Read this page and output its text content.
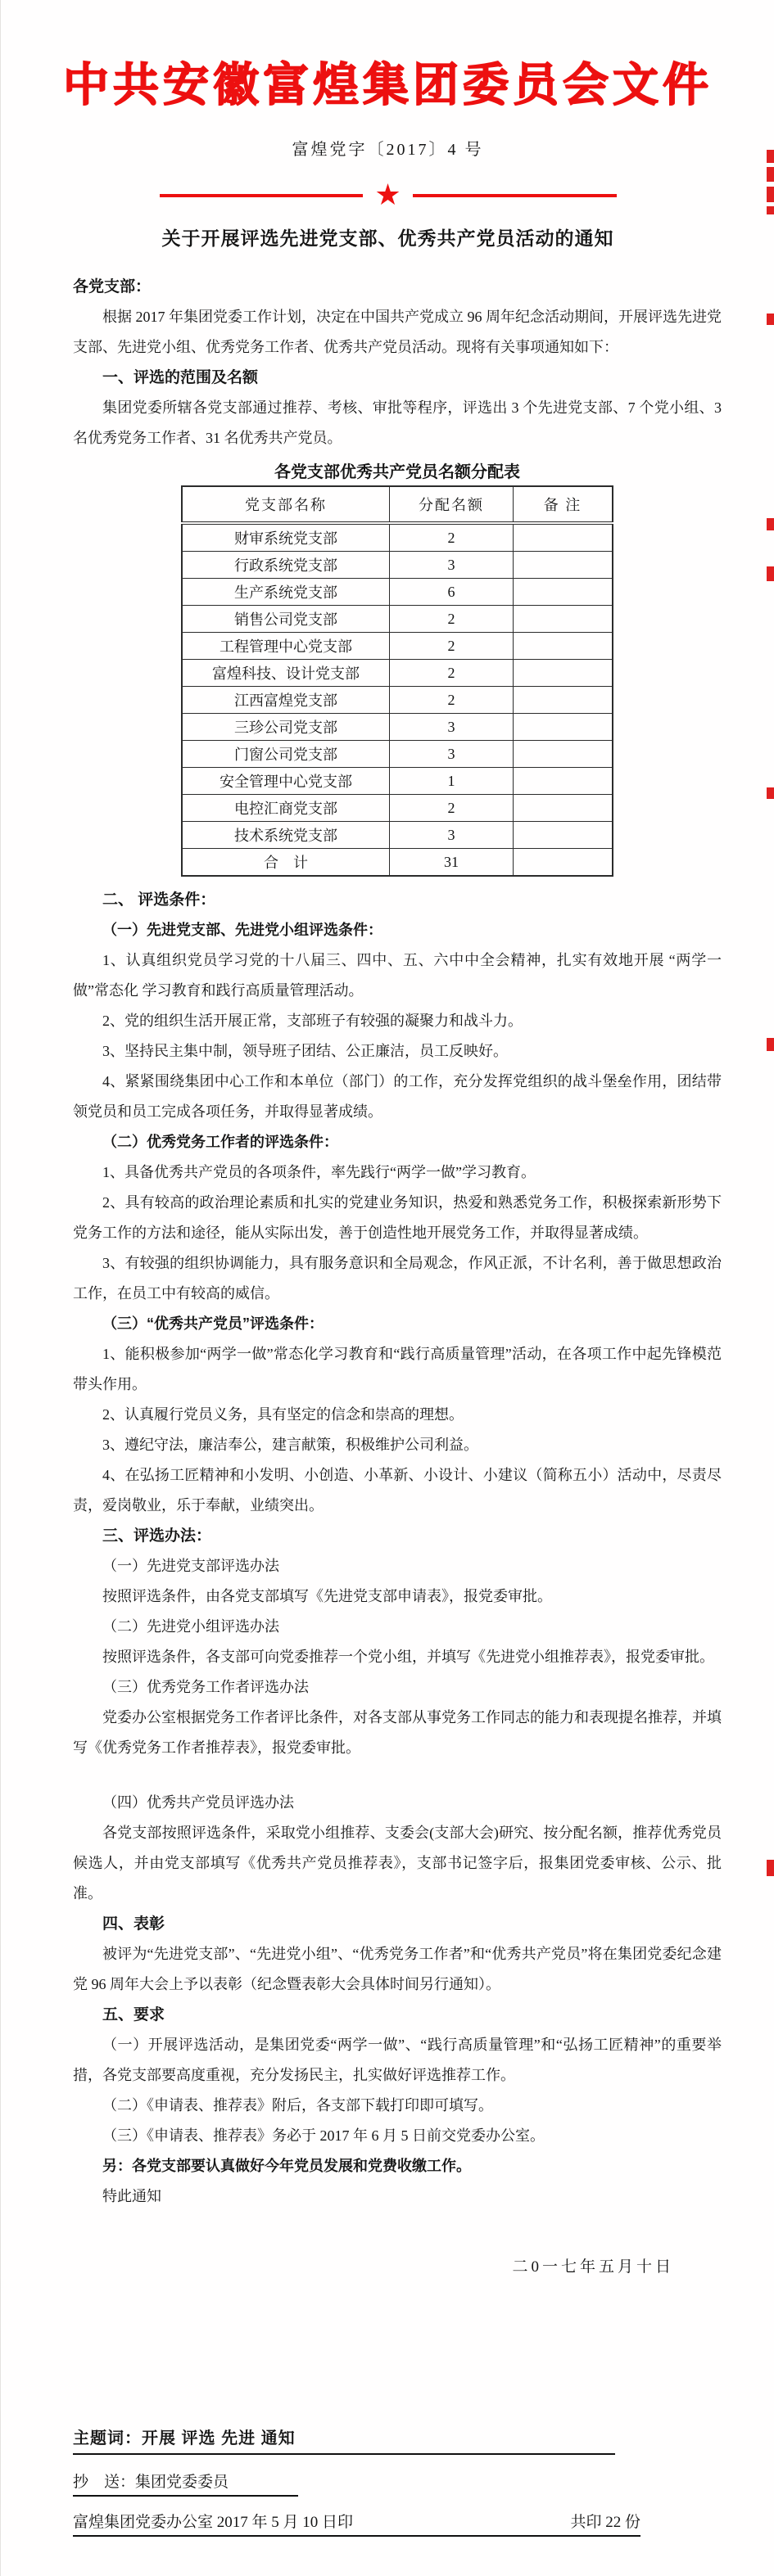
中共安徽富煌集团委员会文件
富煌党字〔2017〕4 号
★
关于开展评选先进党支部、优秀共产党员活动的通知

各党支部：

根据 2017 年集团党委工作计划，决定在中国共产党成立 96 周年纪念活动期间，开展评选先进党支部、先进党小组、优秀党务工作者、优秀共产党员活动。现将有关事项通知如下：

一、评选的范围及名额

集团党委所辖各党支部通过推荐、考核、审批等程序，评选出 3 个先进党支部、7 个党小组、3 名优秀党务工作者、31 名优秀共产党员。

各党支部优秀共产党员名额分配表
党支部名称	分配名额	备 注
财审系统党支部	2	
行政系统党支部	3	
生产系统党支部	6	
销售公司党支部	2	
工程管理中心党支部	2	
富煌科技、设计党支部	2	
江西富煌党支部	2	
三珍公司党支部	3	
门窗公司党支部	3	
安全管理中心党支部	1	
电控汇商党支部	2	
技术系统党支部	3	
合　计	31	

二、 评选条件：

（一）先进党支部、先进党小组评选条件：

1、认真组织党员学习党的十八届三、四中、五、六中中全会精神，扎实有效地开展 “两学一做”常态化 学习教育和践行高质量管理活动。

2、党的组织生活开展正常，支部班子有较强的凝聚力和战斗力。

3、坚持民主集中制，领导班子团结、公正廉洁，员工反映好。

4、紧紧围绕集团中心工作和本单位（部门）的工作，充分发挥党组织的战斗堡垒作用，团结带领党员和员工完成各项任务，并取得显著成绩。

（二）优秀党务工作者的评选条件：

1、具备优秀共产党员的各项条件，率先践行“两学一做”学习教育。

2、具有较高的政治理论素质和扎实的党建业务知识，热爱和熟悉党务工作，积极探索新形势下党务工作的方法和途径，能从实际出发，善于创造性地开展党务工作，并取得显著成绩。

3、有较强的组织协调能力，具有服务意识和全局观念，作风正派，不计名利，善于做思想政治工作，在员工中有较高的威信。

（三）“优秀共产党员”评选条件：

1、能积极参加“两学一做”常态化学习教育和“践行高质量管理”活动，在各项工作中起先锋模范带头作用。

2、认真履行党员义务，具有坚定的信念和崇高的理想。

3、遵纪守法，廉洁奉公，建言献策，积极维护公司利益。

4、在弘扬工匠精神和小发明、小创造、小革新、小设计、小建议（简称五小）活动中，尽责尽责，爱岗敬业，乐于奉献，业绩突出。

三、评选办法：

（一）先进党支部评选办法

按照评选条件，由各党支部填写《先进党支部申请表》，报党委审批。

（二）先进党小组评选办法

按照评选条件，各支部可向党委推荐一个党小组，并填写《先进党小组推荐表》，报党委审批。

（三）优秀党务工作者评选办法

党委办公室根据党务工作者评比条件，对各支部从事党务工作同志的能力和表现提名推荐，并填写《优秀党务工作者推荐表》，报党委审批。

（四）优秀共产党员评选办法

各党支部按照评选条件，采取党小组推荐、支委会(支部大会)研究、按分配名额，推荐优秀党员候选人，并由党支部填写《优秀共产党员推荐表》，支部书记签字后，报集团党委审核、公示、批准。

四、表彰

被评为“先进党支部”、“先进党小组”、“优秀党务工作者”和“优秀共产党员”将在集团党委纪念建党 96 周年大会上予以表彰（纪念暨表彰大会具体时间另行通知）。

五、要求

（一）开展评选活动，是集团党委“两学一做”、“践行高质量管理”和“弘扬工匠精神”的重要举措，各党支部要高度重视，充分发扬民主，扎实做好评选推荐工作。

（二）《申请表、推荐表》附后，各支部下载打印即可填写。

（三）《申请表、推荐表》务必于 2017 年 6 月 5 日前交党委办公室。

另：各党支部要认真做好今年党员发展和党费收缴工作。

特此通知

二0一七年五月十日

主题词：开展 评选 先进 通知
抄　送：集团党委委员
富煌集团党委办公室 2017 年 5 月 10 日印	共印 22 份
